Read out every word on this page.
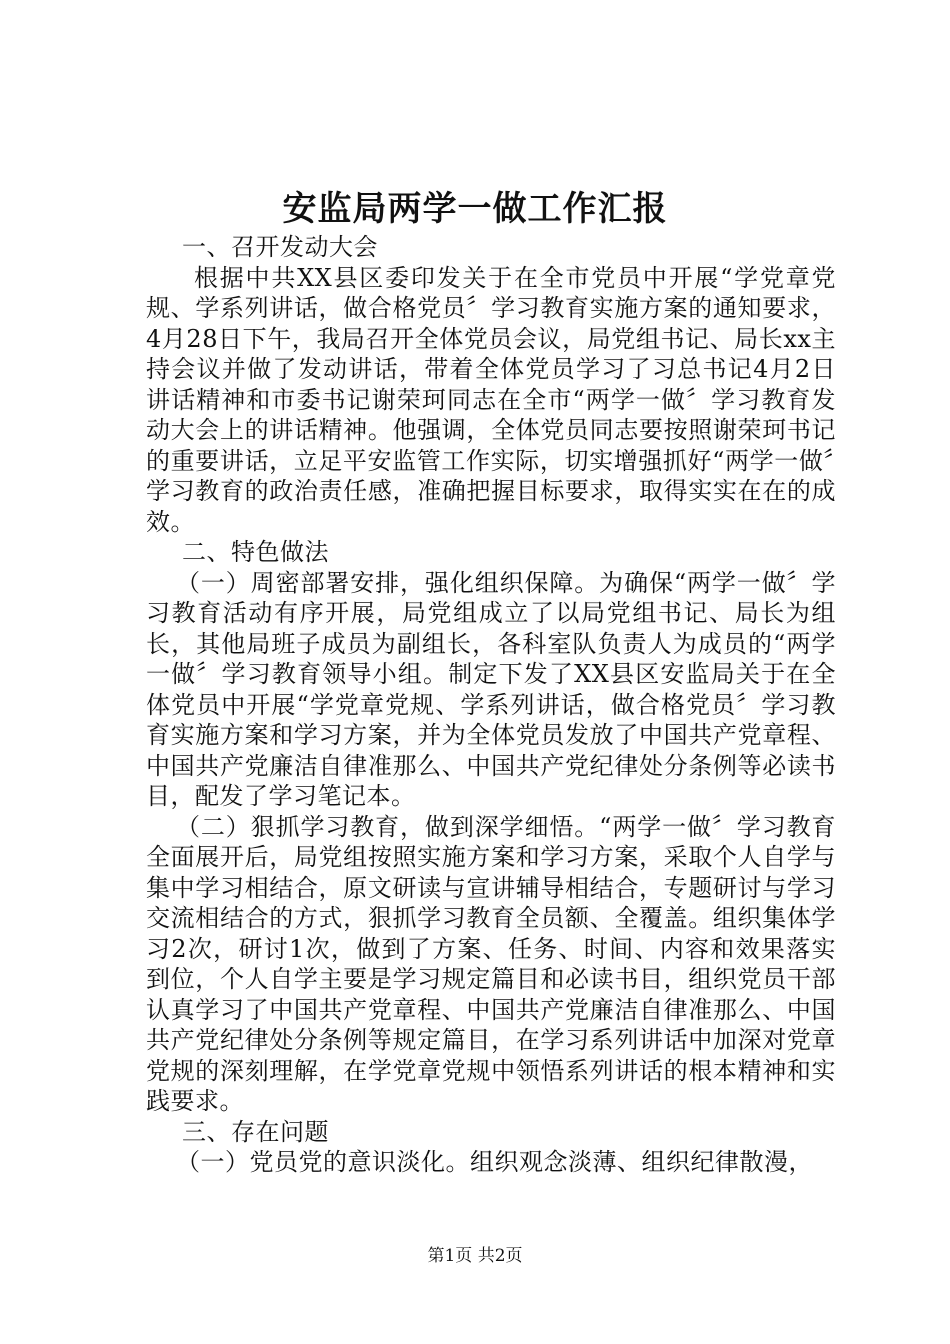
安监局两学一做工作汇报

一、召开发动大会

根据中共XX县区委印发关于在全市党员中开展“学党章党规、学系列讲话，做合格党员〞学习教育实施方案的通知要求，4月28日下午，我局召开全体党员会议，局党组书记、局长xx主持会议并做了发动讲话，带着全体党员学习了习总书记4月2日讲话精神和市委书记谢荣珂同志在全市“两学一做〞学习教育发动大会上的讲话精神。他强调，全体党员同志要按照谢荣珂书记的重要讲话，立足平安监管工作实际，切实增强抓好“两学一做〞学习教育的政治责任感，准确把握目标要求，取得实实在在的成效。

二、特色做法

（一）周密部署安排，强化组织保障。为确保“两学一做〞学习教育活动有序开展，局党组成立了以局党组书记、局长为组长，其他局班子成员为副组长，各科室队负责人为成员的“两学一做〞学习教育领导小组。制定下发了XX县区安监局关于在全体党员中开展“学党章党规、学系列讲话，做合格党员〞学习教育实施方案和学习方案，并为全体党员发放了中国共产党章程、中国共产党廉洁自律准那么、中国共产党纪律处分条例等必读书目，配发了学习笔记本。

（二）狠抓学习教育，做到深学细悟。“两学一做〞学习教育全面展开后，局党组按照实施方案和学习方案，采取个人自学与集中学习相结合，原文研读与宣讲辅导相结合，专题研讨与学习交流相结合的方式，狠抓学习教育全员额、全覆盖。组织集体学习2次，研讨1次，做到了方案、任务、时间、内容和效果落实到位，个人自学主要是学习规定篇目和必读书目，组织党员干部认真学习了中国共产党章程、中国共产党廉洁自律准那么、中国共产党纪律处分条例等规定篇目，在学习系列讲话中加深对党章党规的深刻理解，在学党章党规中领悟系列讲话的根本精神和实践要求。

三、存在问题

（一）党员党的意识淡化。组织观念淡薄、组织纪律散漫，

第1页 共2页
